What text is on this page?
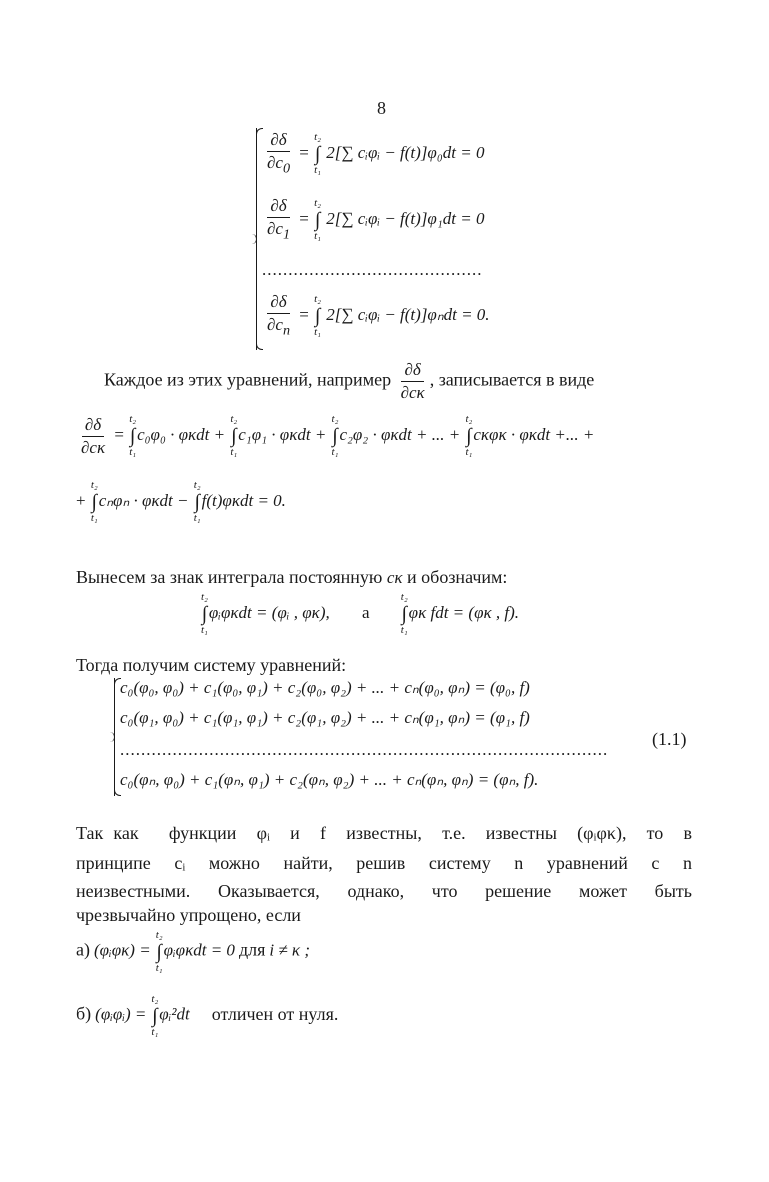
8
$\frac{\partial\delta}{\partial c_0}$ =
t₂
∫
t₁
2[∑ cᵢφᵢ − f(t)]φ₀dt = 0
$\frac{\partial\delta}{\partial c_1}$ =
t₂
∫
t₁
2[∑ cᵢφᵢ − f(t)]φ₁dt = 0
..........................................
$\frac{\partial\delta}{\partial c_n}$ =
t₂
∫
t₁
2[∑ cᵢφᵢ − f(t)]φₙdt = 0.
Каждое из этих уравнений, например $\frac{\partial\delta}{\partial c\kappa}$ , записывается в виде
$\frac{\partial\delta}{\partial c\kappa}$ =
t₂
∫
t₁
c₀φ₀ · φκdt +
t₂
∫
t₁
c₁φ₁ · φκdt +
t₂
∫
t₁
c₂φ₂ · φκdt + ... +
t₂
∫
t₁
cκφκ · φκdt +... +
+
t₂
∫
t₁
cₙφₙ · φκdt −
t₂
∫
t₁
f(t)φκdt = 0.
Вынесем за знак интеграла постоянную cκ и обозначим:
t₂
∫
t₁
φᵢφκdt = (φᵢ , φκ), а
t₂
∫
t₁
φκ fdt = (φκ , f).
Тогда получим систему уравнений:
c₀(φ₀, φ₀) + c₁(φ₀, φ₁) + c₂(φ₀, φ₂) + ... + cₙ(φ₀, φₙ) = (φ₀, f)
c₀(φ₁, φ₀) + c₁(φ₁, φ₁) + c₂(φ₁, φ₂) + ... + cₙ(φ₁, φₙ) = (φ₁, f)
.............................................................................................
c₀(φₙ, φ₀) + c₁(φₙ, φ₁) + c₂(φₙ, φ₂) + ... + cₙ(φₙ, φₙ) = (φₙ, f).
(1.1)
Так как   функции  φᵢ  и  f  известны,  т.е.  известны  (φᵢφκ),  то  в
принципе   cᵢ   можно   найти,   решив   систему   n   уравнений   с   n
неизвестными.  Оказывается,  однако,  что  решение  может  быть
чрезвычайно упрощено, если
а) (φᵢφκ) =
t₂
∫
t₁
φᵢφκdt = 0 для i ≠ κ ;
б) (φᵢφᵢ) =
t₂
∫
t₁
φᵢ²dt отличен от нуля.
